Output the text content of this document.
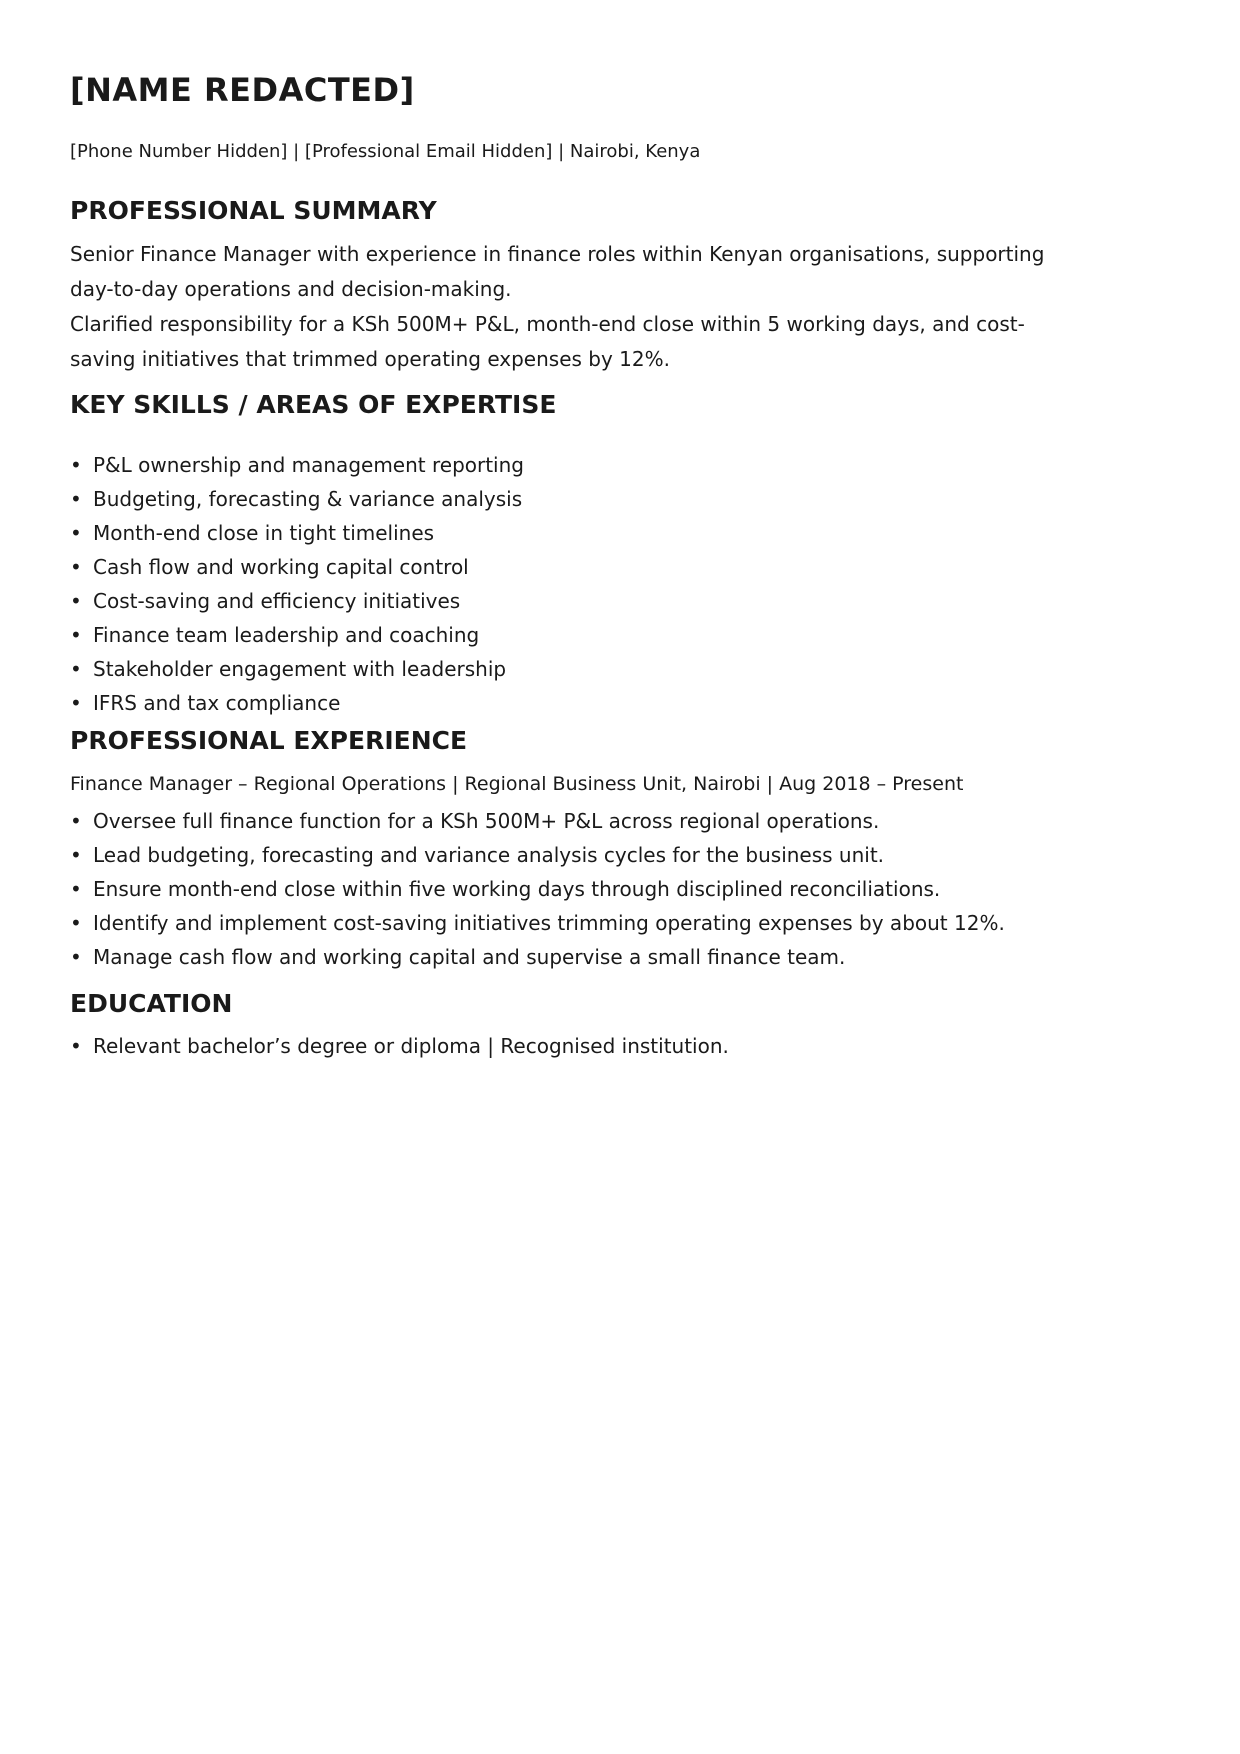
[NAME REDACTED]

[Phone Number Hidden] | [Professional Email Hidden] | Nairobi, Kenya

PROFESSIONAL SUMMARY
Senior Finance Manager with experience in finance roles within Kenyan organisations, supporting
day-to-day operations and decision-making.
Clarified responsibility for a KSh 500M+ P&L, month-end close within 5 working days, and cost-
saving initiatives that trimmed operating expenses by 12%.
KEY SKILLS / AREAS OF EXPERTISE
• P&L ownership and management reporting
• Budgeting, forecasting & variance analysis
• Month-end close in tight timelines
• Cash flow and working capital control
• Cost-saving and efficiency initiatives
• Finance team leadership and coaching
• Stakeholder engagement with leadership
• IFRS and tax compliance
PROFESSIONAL EXPERIENCE

Finance Manager – Regional Operations | Regional Business Unit, Nairobi | Aug 2018 – Present

• Oversee full finance function for a KSh 500M+ P&L across regional operations.
• Lead budgeting, forecasting and variance analysis cycles for the business unit.
• Ensure month-end close within five working days through disciplined reconciliations.
• Identify and implement cost-saving initiatives trimming operating expenses by about 12%.
• Manage cash flow and working capital and supervise a small finance team.
EDUCATION
• Relevant bachelor’s degree or diploma | Recognised institution.
